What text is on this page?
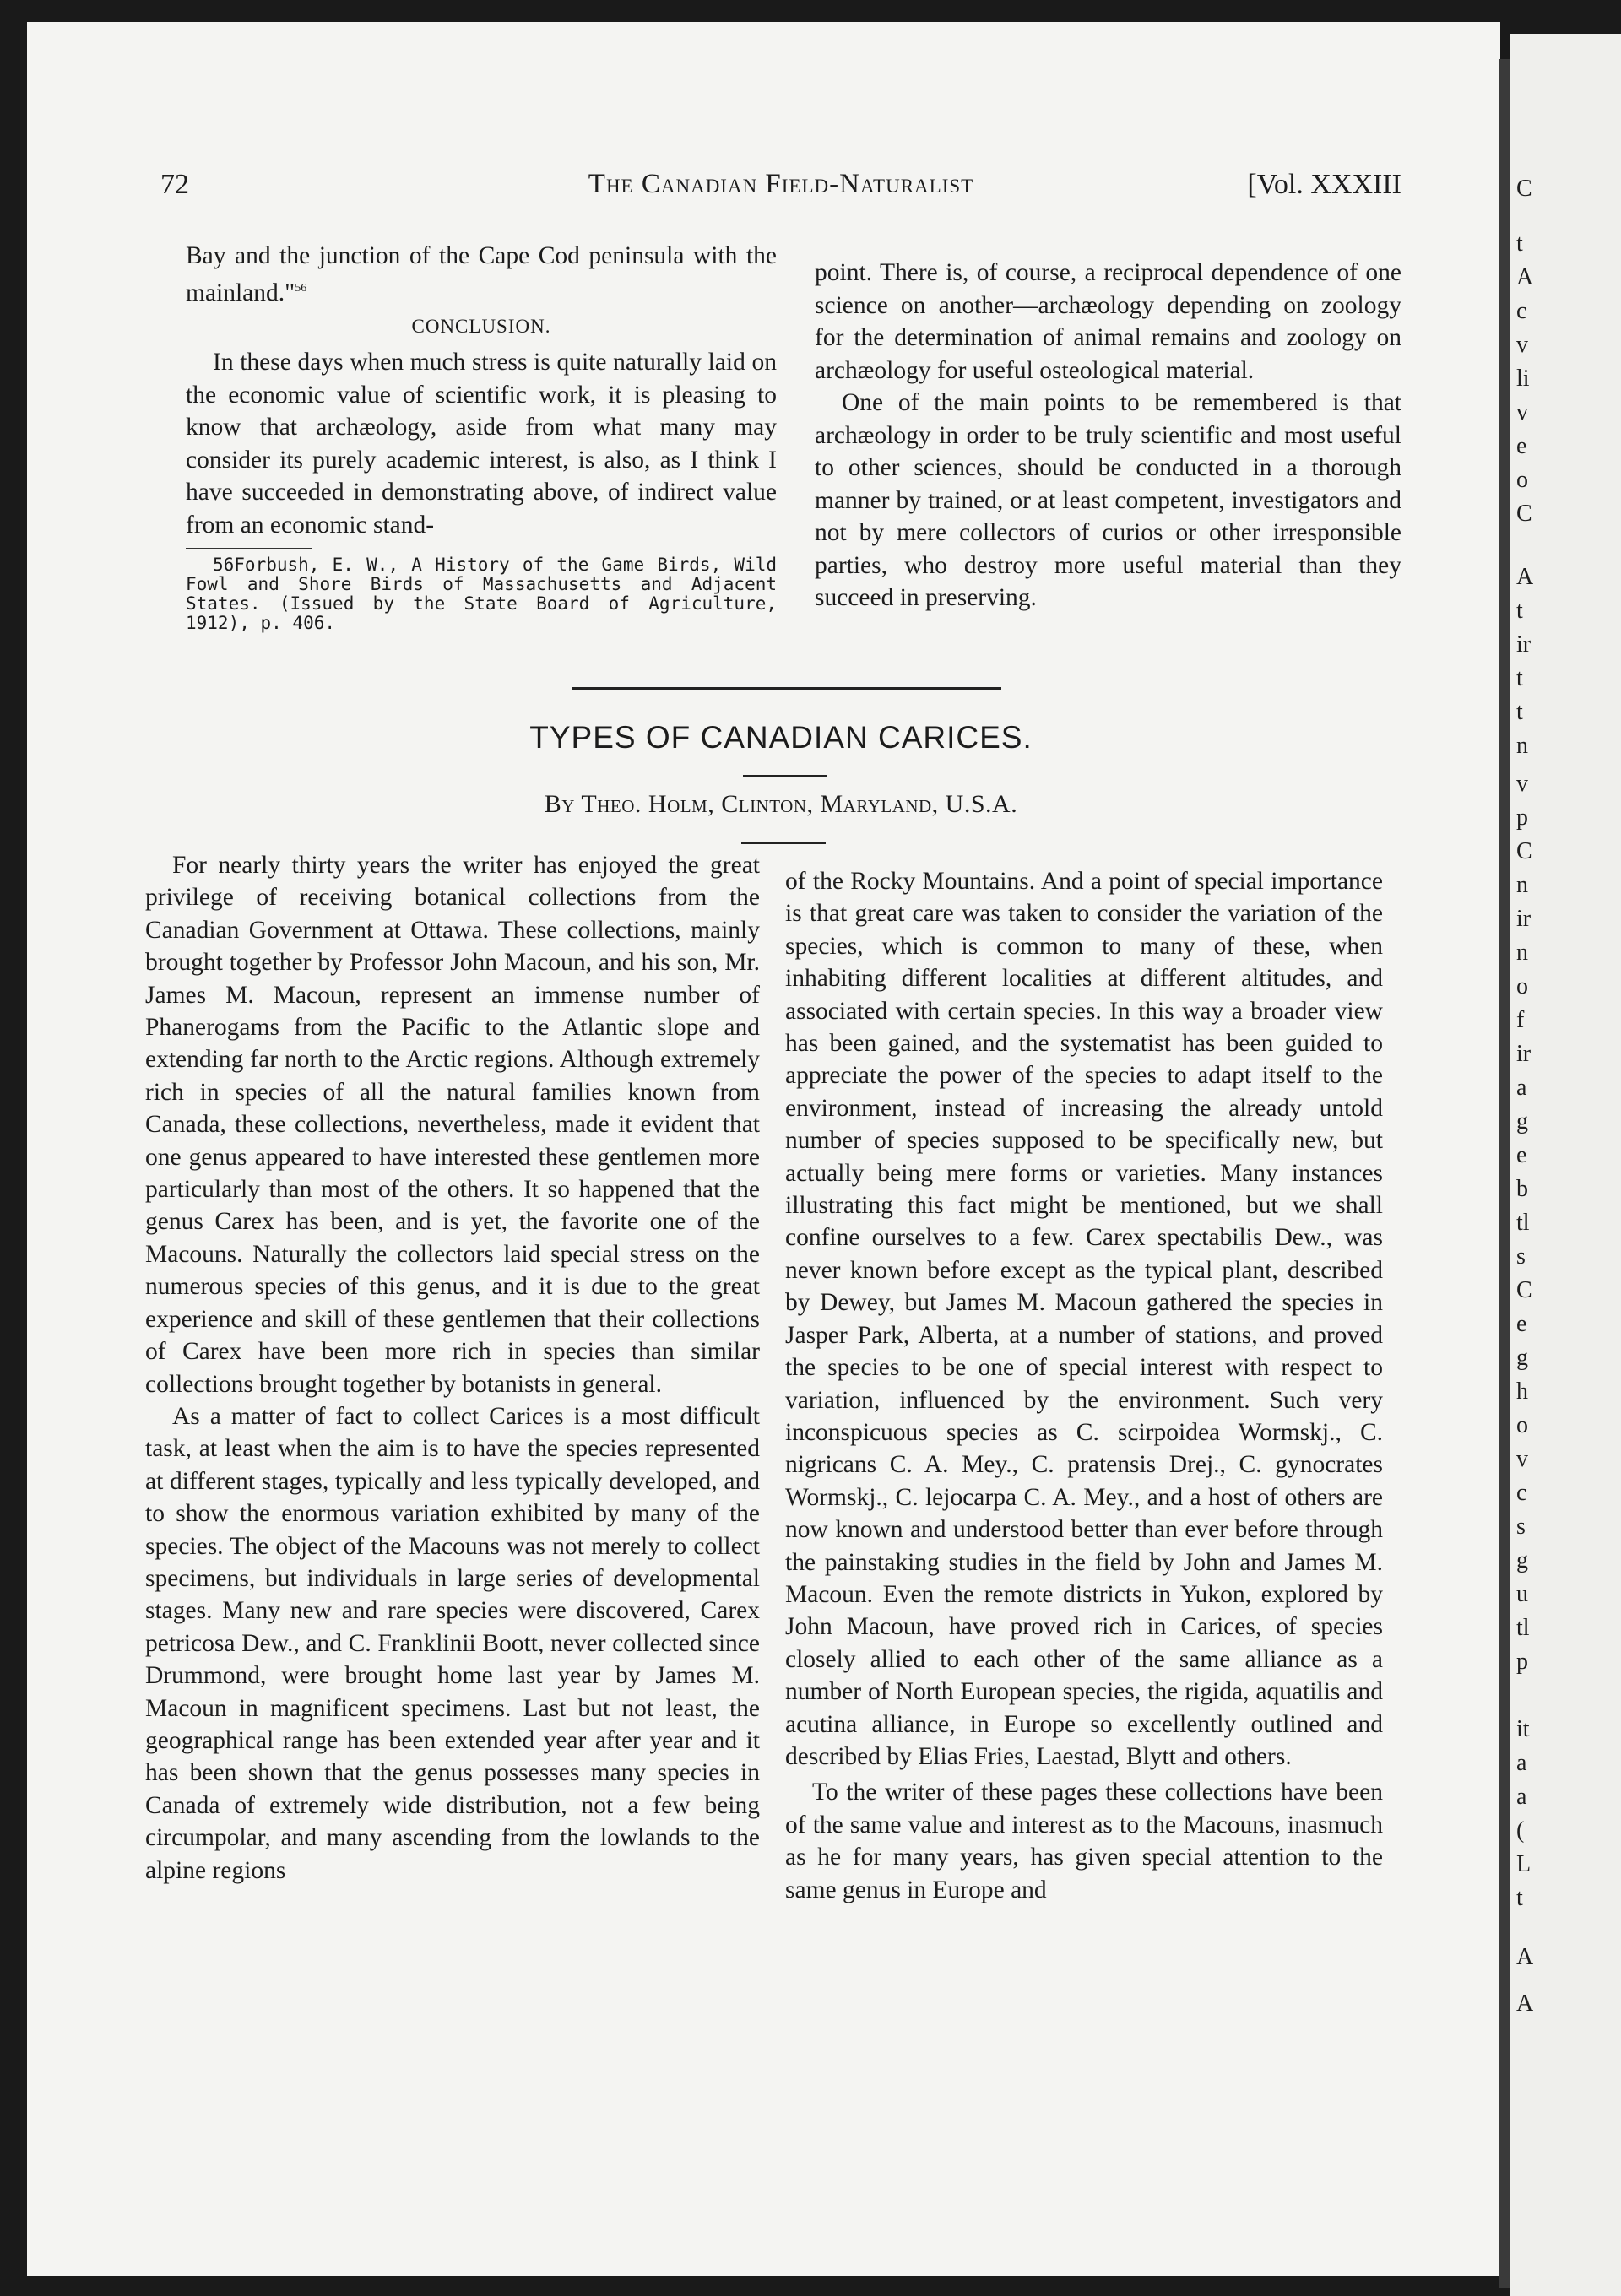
C
t
A
c
v
li
v
e
o
C
A
t
ir
t
t
n
v
p
C
n
ir
n
o
f
ir
a
g
e
b
tl
s
C
e
g
h
o
v
c
s
g
u
tl
p
it
a
a
(
L
t
A
A
72	The Canadian Field-Naturalist	[Vol. XXXIII

Bay and the junction of the Cape Cod peninsula with the mainland."$^{56}$

CONCLUSION.

In these days when much stress is quite naturally laid on the economic value of scientific work, it is pleasing to know that archæology, aside from what many may consider its purely academic interest, is also, as I think I have succeeded in demonstrating above, of indirect value from an economic stand-

56Forbush, E. W., A History of the Game Birds, Wild Fowl and Shore Birds of Massachusetts and Adjacent States. (Issued by the State Board of Agriculture, 1912), p. 406.

point. There is, of course, a reciprocal dependence of one science on another—archæology depending on zoology for the determination of animal remains and zoology on archæology for useful osteological material.

One of the main points to be remembered is that archæology in order to be truly scientific and most useful to other sciences, should be conducted in a thorough manner by trained, or at least competent, investigators and not by mere collectors of curios or other irresponsible parties, who destroy more useful material than they succeed in preserving.

TYPES OF CANADIAN CARICES.
By Theo. Holm, Clinton, Maryland, U.S.A.

For nearly thirty years the writer has enjoyed the great privilege of receiving botanical collections from the Canadian Government at Ottawa. These collections, mainly brought together by Professor John Macoun, and his son, Mr. James M. Macoun, represent an immense number of Phanerogams from the Pacific to the Atlantic slope and extending far north to the Arctic regions. Although extremely rich in species of all the natural families known from Canada, these collections, nevertheless, made it evident that one genus appeared to have interested these gentlemen more particularly than most of the others. It so happened that the genus Carex has been, and is yet, the favorite one of the Macouns. Naturally the collectors laid special stress on the numerous species of this genus, and it is due to the great experience and skill of these gentlemen that their collections of Carex have been more rich in species than similar collections brought together by botanists in general.

As a matter of fact to collect Carices is a most difficult task, at least when the aim is to have the species represented at different stages, typically and less typically developed, and to show the enormous variation exhibited by many of the species. The object of the Macouns was not merely to collect specimens, but individuals in large series of developmental stages. Many new and rare species were discovered, Carex petricosa Dew., and C. Franklinii Boott, never collected since Drummond, were brought home last year by James M. Macoun in magnificent specimens. Last but not least, the geographical range has been extended year after year and it has been shown that the genus possesses many species in Canada of extremely wide distribution, not a few being circumpolar, and many ascending from the lowlands to the alpine regions

of the Rocky Mountains. And a point of special importance is that great care was taken to consider the variation of the species, which is common to many of these, when inhabiting different localities at different altitudes, and associated with certain species. In this way a broader view has been gained, and the systematist has been guided to appreciate the power of the species to adapt itself to the environment, instead of increasing the already untold number of species supposed to be specifically new, but actually being mere forms or varieties. Many instances illustrating this fact might be mentioned, but we shall confine ourselves to a few. Carex spectabilis Dew., was never known before except as the typical plant, described by Dewey, but James M. Macoun gathered the species in Jasper Park, Alberta, at a number of stations, and proved the species to be one of special interest with respect to variation, influenced by the environment. Such very inconspicuous species as C. scirpoidea Wormskj., C. nigricans C. A. Mey., C. pratensis Drej., C. gynocrates Wormskj., C. lejocarpa C. A. Mey., and a host of others are now known and understood better than ever before through the painstaking studies in the field by John and James M. Macoun. Even the remote districts in Yukon, explored by John Macoun, have proved rich in Carices, of species closely allied to each other of the same alliance as a number of North European species, the rigida, aquatilis and acutina alliance, in Europe so excellently outlined and described by Elias Fries, Laestad, Blytt and others.

To the writer of these pages these collections have been of the same value and interest as to the Macouns, inasmuch as he for many years, has given special attention to the same genus in Europe and
